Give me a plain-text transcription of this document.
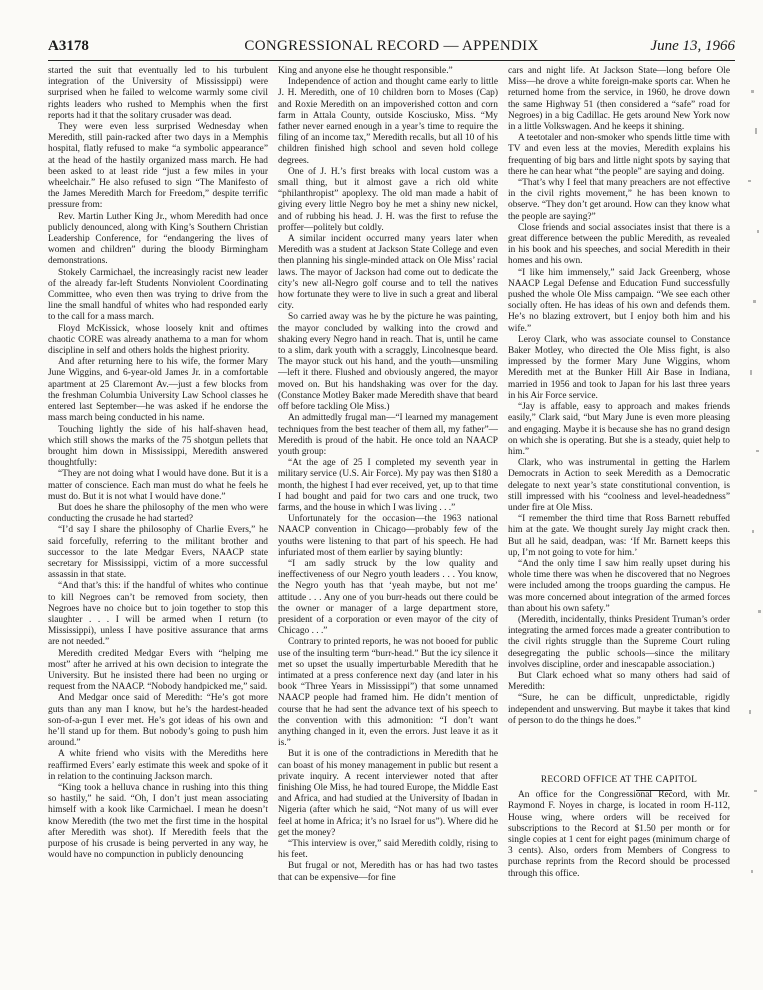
A3178	CONGRESSIONAL RECORD — APPENDIX	June 13, 1966

started the suit that eventually led to his turbulent integration of the University of Mississippi) were surprised when he failed to welcome warmly some civil rights leaders who rushed to Memphis when the first reports had it that the solitary crusader was dead.

They were even less surprised Wednesday when Meredith, still pain-racked after two days in a Memphis hospital, flatly refused to make “a symbolic appearance” at the head of the hastily organized mass march. He had been asked to at least ride “just a few miles in your wheelchair.” He also refused to sign “The Manifesto of the James Meredith March for Freedom,” despite terrific pressure from:

Rev. Martin Luther King Jr., whom Meredith had once publicly denounced, along with King’s Southern Christian Leadership Conference, for “endangering the lives of women and children” during the bloody Birmingham demonstrations.

Stokely Carmichael, the increasingly racist new leader of the already far-left Students Nonviolent Coordinating Committee, who even then was trying to drive from the line the small handful of whites who had responded early to the call for a mass march.

Floyd McKissick, whose loosely knit and oftimes chaotic CORE was already anathema to a man for whom discipline in self and others holds the highest priority.

And after returning here to his wife, the former Mary June Wiggins, and 6-year-old James Jr. in a comfortable apartment at 25 Claremont Av.—just a few blocks from the freshman Columbia University Law School classes he entered last September—he was asked if he endorse the mass march being conducted in his name.

Touching lightly the side of his half-shaven head, which still shows the marks of the 75 shotgun pellets that brought him down in Mississippi, Meredith answered thoughtfully:

“They are not doing what I would have done. But it is a matter of conscience. Each man must do what he feels he must do. But it is not what I would have done.”

But does he share the philosophy of the men who were conducting the crusade he had started?

“I’d say I share the philosophy of Charlie Evers,” he said forcefully, referring to the militant brother and successor to the late Medgar Evers, NAACP state secretary for Mississippi, victim of a more successful assassin in that state.

“And that’s this: if the handful of whites who continue to kill Negroes can’t be removed from society, then Negroes have no choice but to join together to stop this slaughter . . . I will be armed when I return (to Mississippi), unless I have positive assurance that arms are not needed.”

Meredith credited Medgar Evers with “helping me most” after he arrived at his own decision to integrate the University. But he insisted there had been no urging or request from the NAACP. “Nobody handpicked me,” said.

And Medgar once said of Meredith: “He’s got more guts than any man I know, but he’s the hardest-headed son-of-a-gun I ever met. He’s got ideas of his own and he’ll stand up for them. But nobody’s going to push him around.”

A white friend who visits with the Merediths here reaffirmed Evers’ early estimate this week and spoke of it in relation to the continuing Jackson march.

“King took a helluva chance in rushing into this thing so hastily,” he said. “Oh, I don’t just mean associating himself with a kook like Carmichael. I mean he doesn’t know Meredith (the two met the first time in the hospital after Meredith was shot). If Meredith feels that the purpose of his crusade is being perverted in any way, he would have no compunction in publicly denouncing

King and anyone else he thought responsible.”

Independence of action and thought came early to little J. H. Meredith, one of 10 children born to Moses (Cap) and Roxie Meredith on an impoverished cotton and corn farm in Attala County, outside Kosciusko, Miss. “My father never earned enough in a year’s time to require the filing of an income tax,” Meredith recalls, but all 10 of his children finished high school and seven hold college degrees.

One of J. H.’s first breaks with local custom was a small thing, but it almost gave a rich old white “philanthropist” apoplexy. The old man made a habit of giving every little Negro boy he met a shiny new nickel, and of rubbing his head. J. H. was the first to refuse the proffer—politely but coldly.

A similar incident occurred many years later when Meredith was a student at Jackson State College and even then planning his single-minded attack on Ole Miss’ racial laws. The mayor of Jackson had come out to dedicate the city’s new all-Negro golf course and to tell the natives how fortunate they were to live in such a great and liberal city.

So carried away was he by the picture he was painting, the mayor concluded by walking into the crowd and shaking every Negro hand in reach. That is, until he came to a slim, dark youth with a scraggly, Lincolnesque beard. The mayor stuck out his hand, and the youth—unsmiling—left it there. Flushed and obviously angered, the mayor moved on. But his handshaking was over for the day. (Constance Motley Baker made Meredith shave that beard off before tackling Ole Miss.)

An admittedly frugal man—“I learned my management techniques from the best teacher of them all, my father”—Meredith is proud of the habit. He once told an NAACP youth group:

“At the age of 25 I completed my seventh year in military service (U.S. Air Force). My pay was then $180 a month, the highest I had ever received, yet, up to that time I had bought and paid for two cars and one truck, two farms, and the house in which I was living . . .”

Unfortunately for the occasion—the 1963 national NAACP convention in Chicago—probably few of the youths were listening to that part of his speech. He had infuriated most of them earlier by saying bluntly:

“I am sadly struck by the low quality and ineffectiveness of our Negro youth leaders . . . You know, the Negro youth has that ‘yeah maybe, but not me’ attitude . . . Any one of you burr-heads out there could be the owner or manager of a large department store, president of a corporation or even mayor of the city of Chicago . . .”

Contrary to printed reports, he was not booed for public use of the insulting term “burr-head.” But the icy silence it met so upset the usually imperturbable Meredith that he intimated at a press conference next day (and later in his book “Three Years in Mississippi”) that some unnamed NAACP people had framed him. He didn’t mention of course that he had sent the advance text of his speech to the convention with this admonition: “I don’t want anything changed in it, even the errors. Just leave it as it is.”

But it is one of the contradictions in Meredith that he can boast of his money management in public but resent a private inquiry. A recent interviewer noted that after finishing Ole Miss, he had toured Europe, the Middle East and Africa, and had studied at the University of Ibadan in Nigeria (after which he said, “Not many of us will ever feel at home in Africa; it’s no Israel for us”). Where did he get the money?

“This interview is over,” said Meredith coldly, rising to his feet.

But frugal or not, Meredith has or has had two tastes that can be expensive—for fine

cars and night life. At Jackson State—long before Ole Miss—he drove a white foreign-make sports car. When he returned home from the service, in 1960, he drove down the same Highway 51 (then considered a “safe” road for Negroes) in a big Cadillac. He gets around New York now in a little Volkswagen. And he keeps it shining.

A teetotaler and non-smoker who spends little time with TV and even less at the movies, Meredith explains his frequenting of big bars and little night spots by saying that there he can hear what “the people” are saying and doing.

“That’s why I feel that many preachers are not effective in the civil rights movement,” he has been known to observe. “They don’t get around. How can they know what the people are saying?”

Close friends and social associates insist that there is a great difference between the public Meredith, as revealed in his book and his speeches, and social Meredith in their homes and his own.

“I like him immensely,” said Jack Greenberg, whose NAACP Legal Defense and Education Fund successfully pushed the whole Ole Miss campaign. “We see each other socially often. He has ideas of his own and defends them. He’s no blazing extrovert, but I enjoy both him and his wife.”

Leroy Clark, who was associate counsel to Constance Baker Motley, who directed the Ole Miss fight, is also impressed by the former Mary June Wiggins, whom Meredith met at the Bunker Hill Air Base in Indiana, married in 1956 and took to Japan for his last three years in his Air Force service.

“Jay is affable, easy to approach and makes friends easily,” Clark said, “but Mary June is even more pleasing and engaging. Maybe it is because she has no grand design on which she is operating. But she is a steady, quiet help to him.”

Clark, who was instrumental in getting the Harlem Democrats in Action to seek Meredith as a Democratic delegate to next year’s state constitutional convention, is still impressed with his “coolness and level-headedness” under fire at Ole Miss.

“I remember the third time that Ross Barnett rebuffed him at the gate. We thought surely Jay might crack then. But all he said, deadpan, was: ‘If Mr. Barnett keeps this up, I’m not going to vote for him.’

“And the only time I saw him really upset during his whole time there was when he discovered that no Negroes were included among the troops guarding the campus. He was more concerned about integration of the armed forces than about his own safety.”

(Meredith, incidentally, thinks President Truman’s order integrating the armed forces made a greater contribution to the civil rights struggle than the Supreme Court ruling desegregating the public schools—since the military involves discipline, order and inescapable association.)

But Clark echoed what so many others had said of Meredith:

“Sure, he can be difficult, unpredictable, rigidly independent and unswerving. But maybe it takes that kind of person to do the things he does.”

RECORD OFFICE AT THE CAPITOL

An office for the Congressional Record, with Mr. Raymond F. Noyes in charge, is located in room H-112, House wing, where orders will be received for subscriptions to the Record at $1.50 per month or for single copies at 1 cent for eight pages (minimum charge of 3 cents). Also, orders from Members of Congress to purchase reprints from the Record should be processed through this office.
